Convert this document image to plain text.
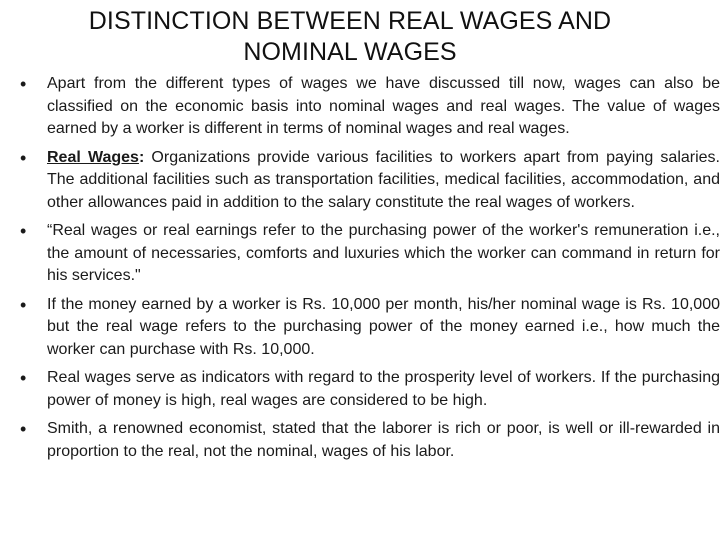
DISTINCTION BETWEEN REAL WAGES AND
NOMINAL WAGES
• Apart from the different types of wages we have discussed till now, wages can also be classified on the economic basis into nominal wages and real wages. The value of wages earned by a worker is different in terms of nominal wages and real wages.
• Real Wages: Organizations provide various facilities to workers apart from paying salaries. The additional facilities such as transportation facilities, medical facilities, accommodation, and other allowances paid in addition to the salary constitute the real wages of workers.
• “Real wages or real earnings refer to the purchasing power of the worker's remuneration i.e., the amount of necessaries, comforts and luxuries which the worker can command in return for his services."
• If the money earned by a worker is Rs. 10,000 per month, his/her nominal wage is Rs. 10,000 but the real wage refers to the purchasing power of the money earned i.e., how much the worker can purchase with Rs. 10,000.
• Real wages serve as indicators with regard to the prosperity level of workers. If the purchasing power of money is high, real wages are considered to be high.
• Smith, a renowned economist, stated that the laborer is rich or poor, is well or ill-rewarded in proportion to the real, not the nominal, wages of his labor.
